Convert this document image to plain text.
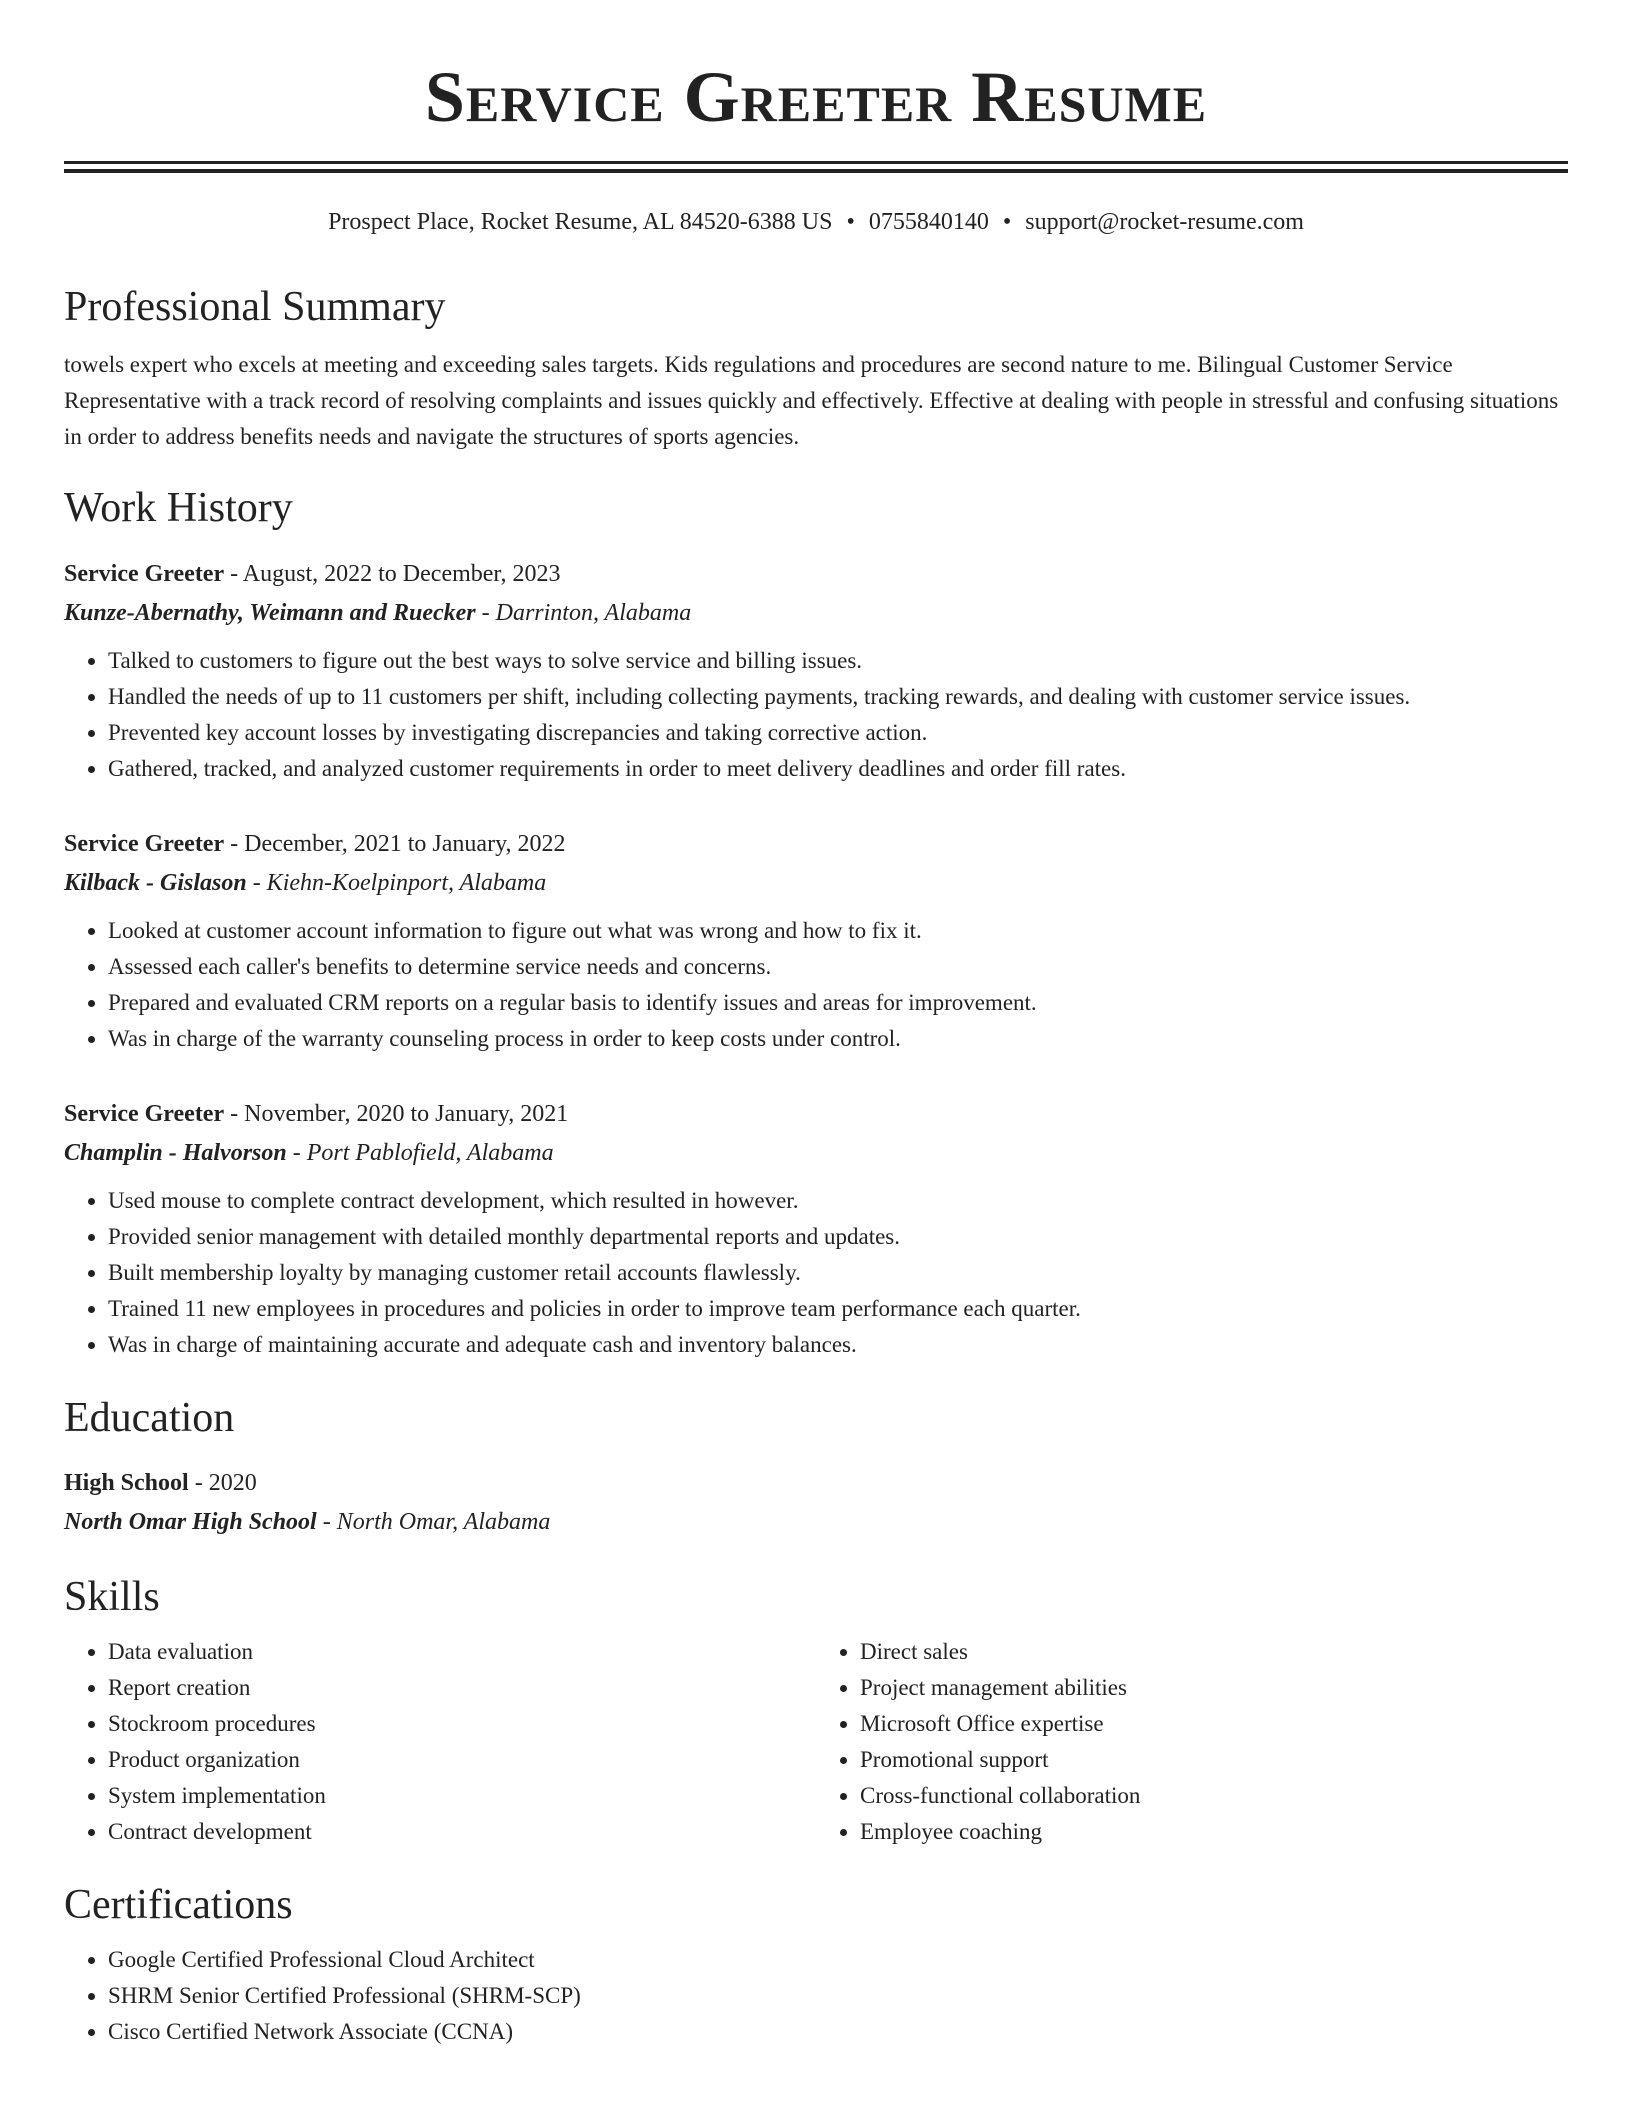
Service Greeter Resume
Prospect Place, Rocket Resume, AL 84520-6388 US • 0755840140 • support@rocket-resume.com
Professional Summary

towels expert who excels at meeting and exceeding sales targets. Kids regulations and procedures are second nature to me. Bilingual Customer Service Representative with a track record of resolving complaints and issues quickly and effectively. Effective at dealing with people in stressful and confusing situations in order to address benefits needs and navigate the structures of sports agencies.

Work History
Service Greeter - August, 2022 to December, 2023
Kunze-Abernathy, Weimann and Ruecker - Darrinton, Alabama
• Talked to customers to figure out the best ways to solve service and billing issues.
• Handled the needs of up to 11 customers per shift, including collecting payments, tracking rewards, and dealing with customer service issues.
• Prevented key account losses by investigating discrepancies and taking corrective action.
• Gathered, tracked, and analyzed customer requirements in order to meet delivery deadlines and order fill rates.
Service Greeter - December, 2021 to January, 2022
Kilback - Gislason - Kiehn-Koelpinport, Alabama
• Looked at customer account information to figure out what was wrong and how to fix it.
• Assessed each caller's benefits to determine service needs and concerns.
• Prepared and evaluated CRM reports on a regular basis to identify issues and areas for improvement.
• Was in charge of the warranty counseling process in order to keep costs under control.
Service Greeter - November, 2020 to January, 2021
Champlin - Halvorson - Port Pablofield, Alabama
• Used mouse to complete contract development, which resulted in however.
• Provided senior management with detailed monthly departmental reports and updates.
• Built membership loyalty by managing customer retail accounts flawlessly.
• Trained 11 new employees in procedures and policies in order to improve team performance each quarter.
• Was in charge of maintaining accurate and adequate cash and inventory balances.
Education
High School - 2020
North Omar High School - North Omar, Alabama
Skills
• Data evaluation
• Report creation
• Stockroom procedures
• Product organization
• System implementation
• Contract development
• Direct sales
• Project management abilities
• Microsoft Office expertise
• Promotional support
• Cross-functional collaboration
• Employee coaching
Certifications
• Google Certified Professional Cloud Architect
• SHRM Senior Certified Professional (SHRM-SCP)
• Cisco Certified Network Associate (CCNA)
